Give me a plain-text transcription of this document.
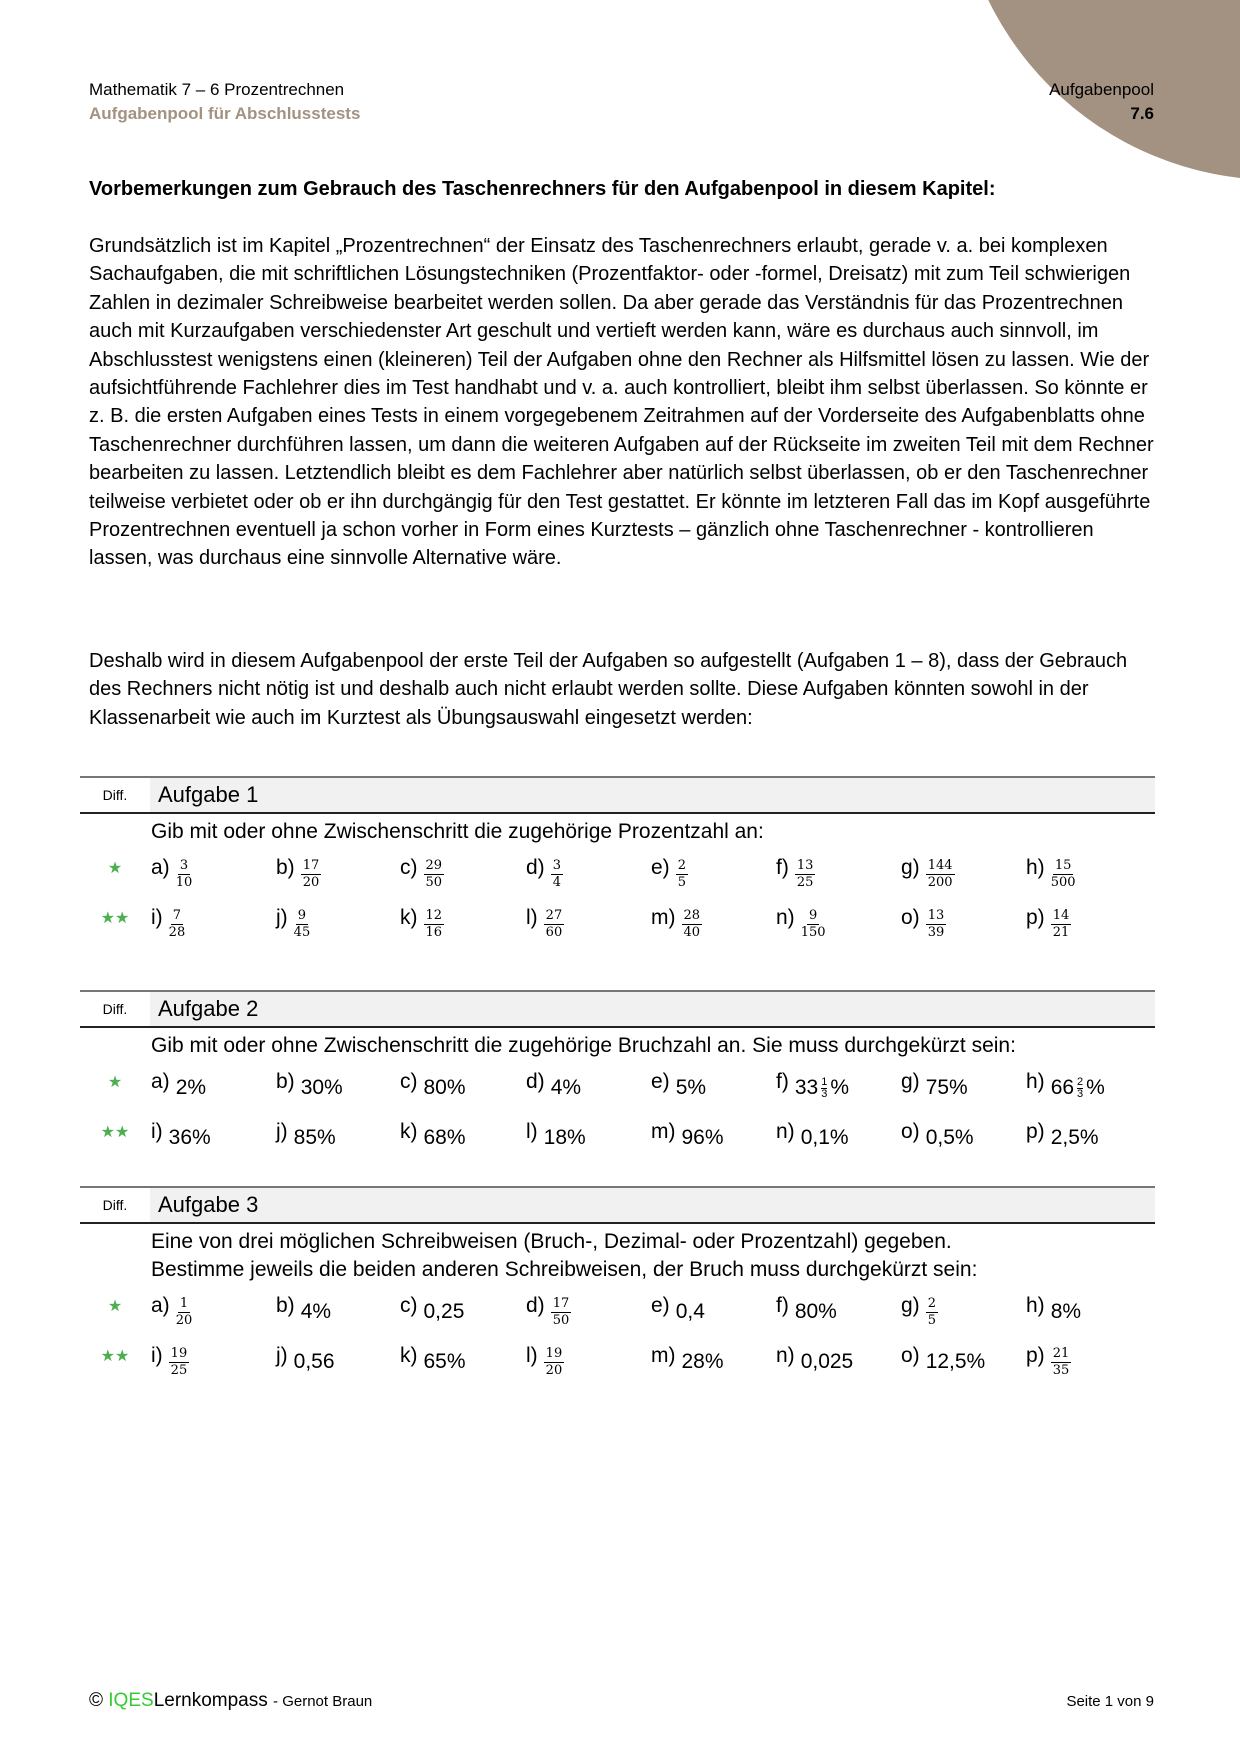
Mathematik 7 – 6 Prozentrechnen
Aufgabenpool für Abschlusstests
Aufgabenpool
7.6
Vorbemerkungen zum Gebrauch des Taschenrechners für den Aufgabenpool in diesem Kapitel:
Grundsätzlich ist im Kapitel „Prozentrechnen“ der Einsatz des Taschenrechners erlaubt, gerade v. a. bei komplexen Sachaufgaben, die mit schriftlichen Lösungstechniken (Prozentfaktor- oder -formel, Dreisatz) mit zum Teil schwierigen Zahlen in dezimaler Schreibweise bearbeitet werden sollen. Da aber gerade das Verständnis für das Prozentrechnen auch mit Kurzaufgaben verschiedenster Art geschult und vertieft werden kann, wäre es durchaus auch sinnvoll, im Abschlusstest wenigstens einen (kleineren) Teil der Aufgaben ohne den Rechner als Hilfsmittel lösen zu lassen. Wie der aufsichtführende Fachlehrer dies im Test handhabt und v. a. auch kontrolliert, bleibt ihm selbst überlassen. So könnte er z. B. die ersten Aufgaben eines Tests in einem vorgegebenem Zeitrahmen auf der Vorderseite des Aufgabenblatts ohne Taschenrechner durchführen lassen, um dann die weiteren Aufgaben auf der Rückseite im zweiten Teil mit dem Rechner bearbeiten zu lassen. Letztendlich bleibt es dem Fachlehrer aber natürlich selbst überlassen, ob er den Taschenrechner teilweise verbietet oder ob er ihn durchgängig für den Test gestattet. Er könnte im letzteren Fall das im Kopf ausgeführte Prozentrechnen eventuell ja schon vorher in Form eines Kurztests – gänzlich ohne Taschenrechner - kontrollieren lassen, was durchaus eine sinnvolle Alternative wäre.
Deshalb wird in diesem Aufgabenpool der erste Teil der Aufgaben so aufgestellt (Aufgaben 1 – 8), dass der Gebrauch des Rechners nicht nötig ist und deshalb auch nicht erlaubt werden sollte. Diese Aufgaben könnten sowohl in der Klassenarbeit wie auch im Kurztest als Übungsauswahl eingesetzt werden:
Diff.	Aufgabe 1
Gib mit oder ohne Zwischenschritt die zugehörige Prozentzahl an:
★	$a) \frac{3}{10}$	$b) \frac{17}{20}$	$c) \frac{29}{50}$	$d) \frac{3}{4}$	$e) \frac{2}{5}$	$f) \frac{13}{25}$	$g) \frac{144}{200}$	$h) \frac{15}{500}$
★★	$i) \frac{7}{28}$	$j) \frac{9}{45}$	$k) \frac{12}{16}$	$l) \frac{27}{60}$	$m) \frac{28}{40}$	$n) \frac{9}{150}$	$o) \frac{13}{39}$	$p) \frac{14}{21}$
Diff.	Aufgabe 2
Gib mit oder ohne Zwischenschritt die zugehörige Bruchzahl an. Sie muss durchgekürzt sein:
★	a) 2%	b) 30%	c) 80%	d) 4%	e) 5%	f) $33 \frac{1}{3}$ % g) 75%	h) $66 \frac{2}{3}$ %
★★	i) 36%	j) 85%	k) 68%	l) 18%	m) 96% n) 0,1% o) 0,5% p) 2,5%
Diff.	Aufgabe 3
Eine von drei möglichen Schreibweisen (Bruch-, Dezimal- oder Prozentzahl) gegeben.
Bestimme jeweils die beiden anderen Schreibweisen, der Bruch muss durchgekürzt sein:
★	$a) \frac{1}{20}$	b) 4%	c) 0,25	$d) \frac{17}{50}$	e) 0,4	f) 80%	$g) \frac{2}{5}$	h) 8%
★★	$i) \frac{19}{25}$	j) 0,56	k) 65%	$l) \frac{19}{20}$	m) 28% n) 0,025 o) 12,5% $p) \frac{21}{35}$
© IQESLernkompass - Gernot Braun	Seite 1 von 9
